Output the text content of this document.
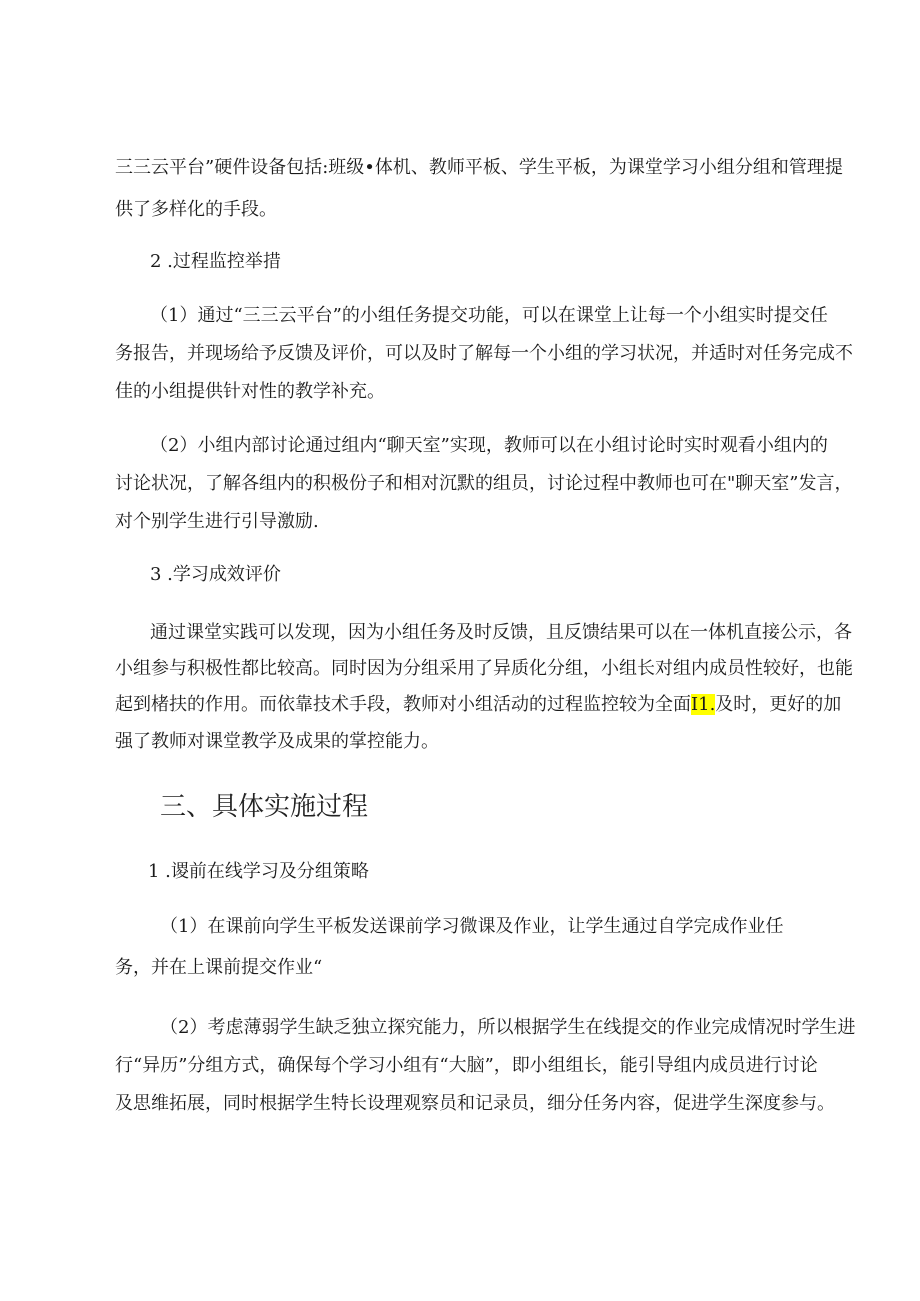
三三云平台”硬件设备包括:班级•体机、教师平板、学生平板，为课堂学习小组分组和管理提

供了多样化的手段。

2 .过程监控举措

（1）通过“三三云平台”的小组任务提交功能，可以在课堂上让每一个小组实时提交任

务报告，并现场给予反馈及评价，可以及时了解每一个小组的学习状况，并适时对任务完成不

佳的小组提供针对性的教学补充。

（2）小组内部讨论通过组内“聊天室”实现，教师可以在小组讨论时实时观看小组内的

讨论状况，了解各组内的积极份子和相对沉默的组员，讨论过程中教师也可在"聊天室”发言，

对个别学生进行引导激励.

3 .学习成效评价

通过课堂实践可以发现，因为小组任务及时反馈，且反馈结果可以在一体机直接公示，各

小组参与积极性都比较高。同时因为分组采用了异质化分组，小组长对组内成员性较好，也能

起到楮扶的作用。而依靠技术手段，教师对小组活动的过程监控较为全面I1.及时，更好的加

强了教师对课堂教学及成果的掌控能力。

三、具体实施过程

1 .谡前在线学习及分组策略

（1）在课前向学生平板发送课前学习微课及作业，让学生通过自学完成作业任

务，并在上课前提交作业“

（2）考虑薄弱学生缺乏独立探究能力，所以根据学生在线提交的作业完成情况时学生进

行“异历”分组方式，确保每个学习小组有“大脑”，即小组组长，能引导组内成员进行讨论

及思维拓展，同时根据学生特长设理观察员和记录员，细分任务内容，促进学生深度参与。
